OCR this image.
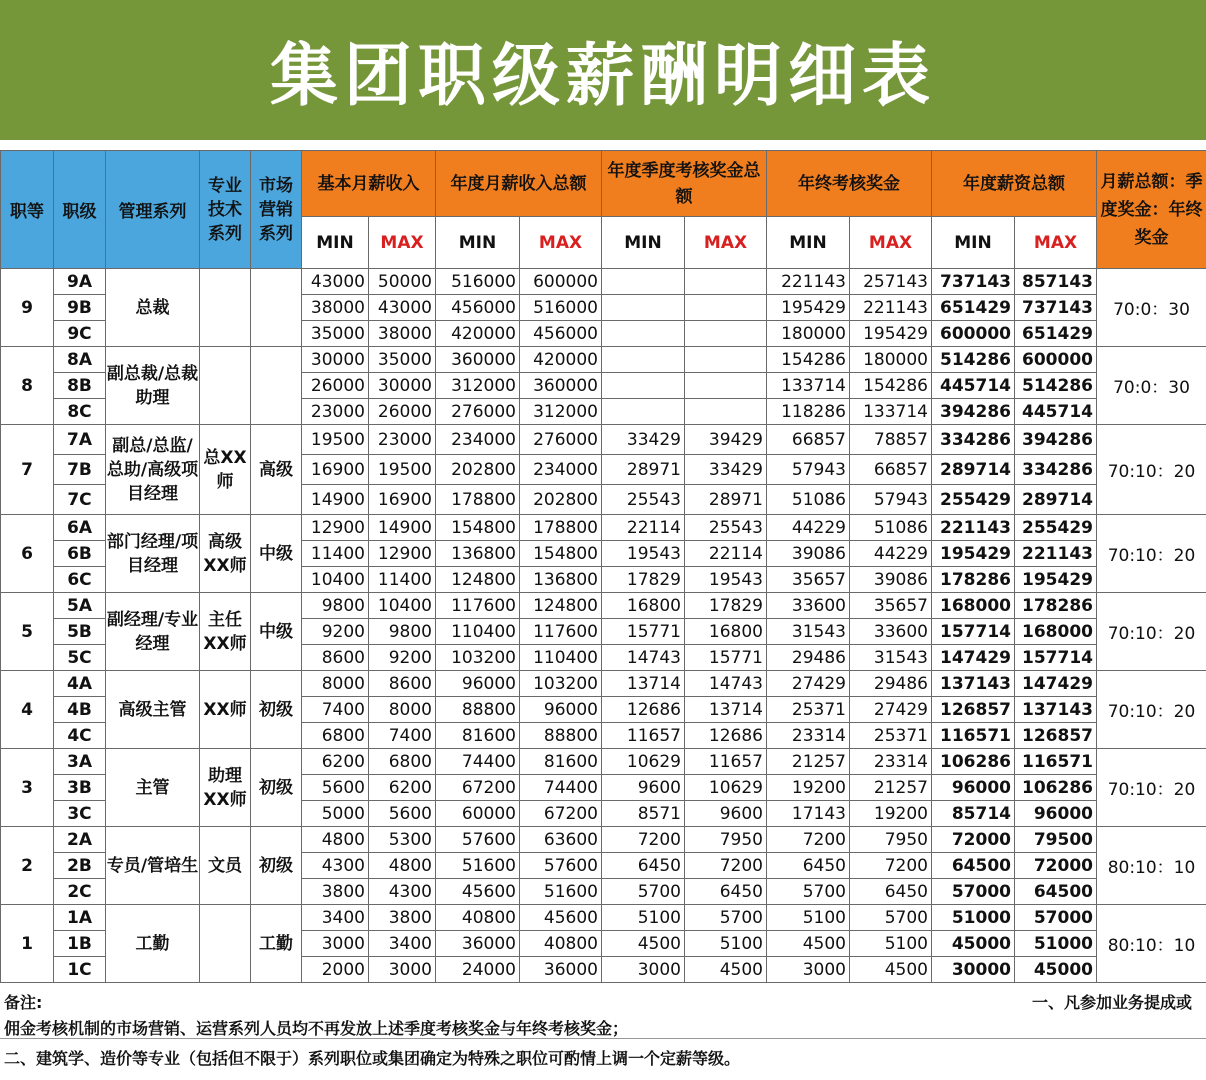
集团职级薪酬明细表
职等	职级	管理系列	专业技术系列	市场营销系列	基本月薪收入		年度月薪收入总额		年度季度考核奖金总额		年终考核奖金		年度薪资总额		月薪总额：季度奖金：年终奖金
					MIN	MAX	MIN	MAX	MIN	MAX	MIN	MAX	MIN	MAX	
9	9A	总裁			43000	50000	516000	600000			221143	257143	737143	857143	70:0：30
	9B				38000	43000	456000	516000			195429	221143	651429	737143	
	9C				35000	38000	420000	456000			180000	195429	600000	651429	
8	8A	副总裁/总裁助理			30000	35000	360000	420000			154286	180000	514286	600000	70:0：30
	8B				26000	30000	312000	360000			133714	154286	445714	514286	
	8C				23000	26000	276000	312000			118286	133714	394286	445714	
7	7A	副总/总监/总助/高级项目经理	总XX师	高级	19500	23000	234000	276000	33429	39429	66857	78857	334286	394286	70:10：20
	7B				16900	19500	202800	234000	28971	33429	57943	66857	289714	334286	
	7C				14900	16900	178800	202800	25543	28971	51086	57943	255429	289714	
6	6A	部门经理/项目经理	高级XX师	中级	12900	14900	154800	178800	22114	25543	44229	51086	221143	255429	70:10：20
	6B				11400	12900	136800	154800	19543	22114	39086	44229	195429	221143	
	6C				10400	11400	124800	136800	17829	19543	35657	39086	178286	195429	
5	5A	副经理/专业经理	主任XX师	中级	9800	10400	117600	124800	16800	17829	33600	35657	168000	178286	70:10：20
	5B				9200	9800	110400	117600	15771	16800	31543	33600	157714	168000	
	5C				8600	9200	103200	110400	14743	15771	29486	31543	147429	157714	
4	4A	高级主管	XX师	初级	8000	8600	96000	103200	13714	14743	27429	29486	137143	147429	70:10：20
	4B				7400	8000	88800	96000	12686	13714	25371	27429	126857	137143	
	4C				6800	7400	81600	88800	11657	12686	23314	25371	116571	126857	
3	3A	主管	助理XX师	初级	6200	6800	74400	81600	10629	11657	21257	23314	106286	116571	70:10：20
	3B				5600	6200	67200	74400	9600	10629	19200	21257	96000	106286	
	3C				5000	5600	60000	67200	8571	9600	17143	19200	85714	96000	
2	2A	专员/管培生	文员	初级	4800	5300	57600	63600	7200	7950	7200	7950	72000	79500	80:10：10
	2B				4300	4800	51600	57600	6450	7200	6450	7200	64500	72000	
	2C				3800	4300	45600	51600	5700	6450	5700	6450	57000	64500	
1	1A	工勤		工勤	3400	3800	40800	45600	5100	5700	5100	5700	51000	57000	80:10：10
	1B				3000	3400	36000	40800	4500	5100	4500	5100	45000	51000	
	1C				2000	3000	24000	36000	3000	4500	3000	4500	30000	45000	
备注:	一、凡参加业务提成或
佣金考核机制的市场营销、运营系列人员均不再发放上述季度考核奖金与年终考核奖金；
二、建筑学、造价等专业（包括但不限于）系列职位或集团确定为特殊之职位可酌情上调一个定薪等级。
